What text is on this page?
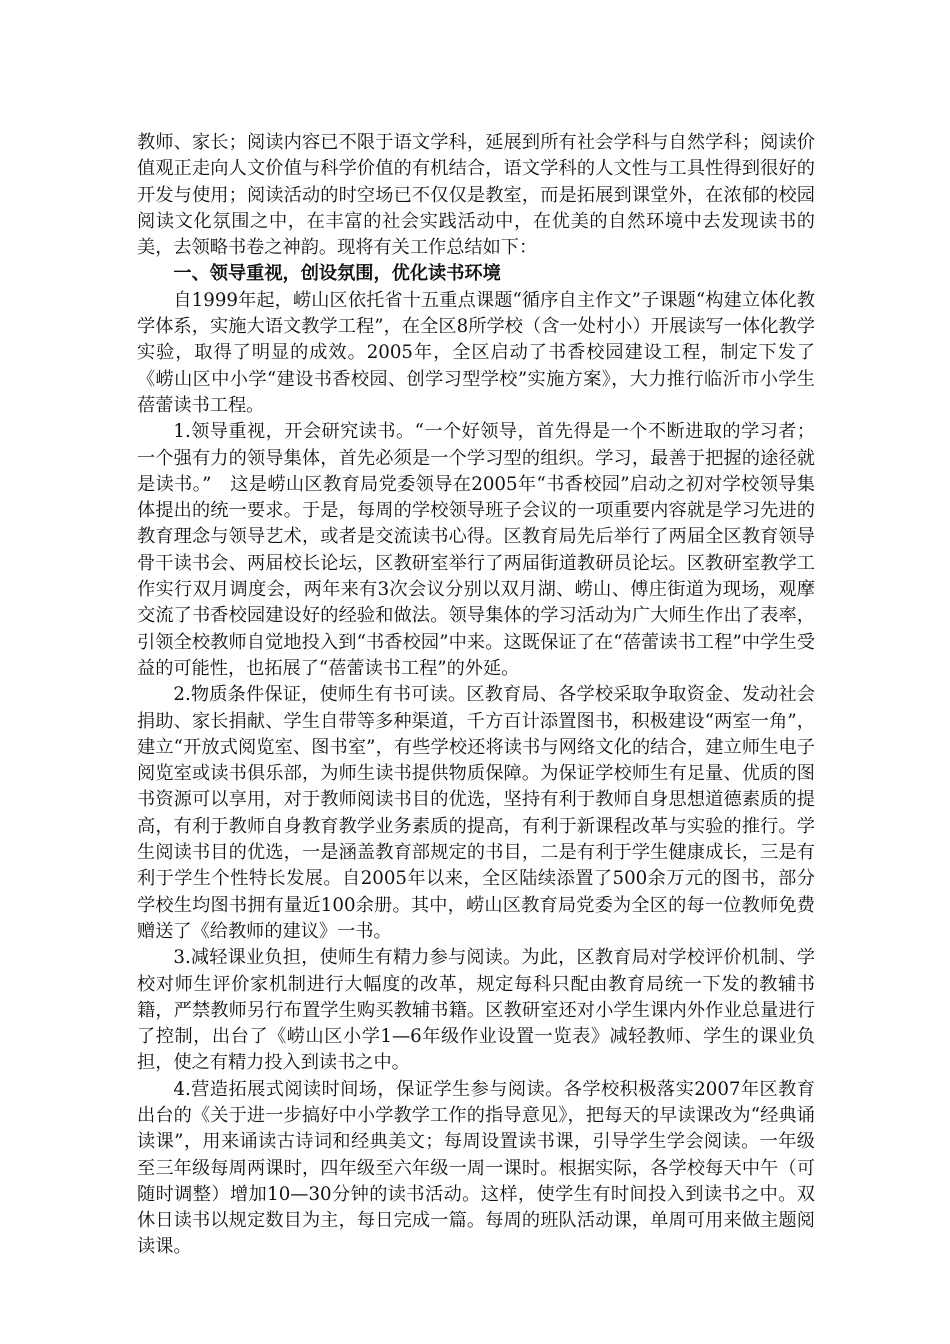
教师、家长；阅读内容已不限于语文学科，延展到所有社会学科与自然学科；阅读价值观正走向人文价值与科学价值的有机结合，语文学科的人文性与工具性得到很好的开发与使用；阅读活动的时空场已不仅仅是教室，而是拓展到课堂外，在浓郁的校园阅读文化氛围之中，在丰富的社会实践活动中，在优美的自然环境中去发现读书的美，去领略书卷之神韵。现将有关工作总结如下：

一、领导重视，创设氛围，优化读书环境

自1999年起，崂山区依托省十五重点课题“循序自主作文”子课题“构建立体化教学体系，实施大语文教学工程”，在全区8所学校（含一处村小）开展读写一体化教学实验，取得了明显的成效。2005年，全区启动了书香校园建设工程，制定下发了《崂山区中小学“建设书香校园、创学习型学校”实施方案》，大力推行临沂市小学生蓓蕾读书工程。

1.领导重视，开会研究读书。“一个好领导，首先得是一个不断进取的学习者；一个强有力的领导集体，首先必须是一个学习型的组织。学习，最善于把握的途径就是读书。”　这是崂山区教育局党委领导在2005年“书香校园”启动之初对学校领导集体提出的统一要求。于是，每周的学校领导班子会议的一项重要内容就是学习先进的教育理念与领导艺术，或者是交流读书心得。区教育局先后举行了两届全区教育领导骨干读书会、两届校长论坛，区教研室举行了两届街道教研员论坛。区教研室教学工作实行双月调度会，两年来有3次会议分别以双月湖、崂山、傅庄街道为现场，观摩交流了书香校园建设好的经验和做法。领导集体的学习活动为广大师生作出了表率，引领全校教师自觉地投入到“书香校园”中来。这既保证了在“蓓蕾读书工程”中学生受益的可能性，也拓展了“蓓蕾读书工程”的外延。

2.物质条件保证，使师生有书可读。区教育局、各学校采取争取资金、发动社会捐助、家长捐献、学生自带等多种渠道，千方百计添置图书，积极建设“两室一角”，建立“开放式阅览室、图书室”，有些学校还将读书与网络文化的结合，建立师生电子阅览室或读书俱乐部，为师生读书提供物质保障。为保证学校师生有足量、优质的图书资源可以享用，对于教师阅读书目的优选，坚持有利于教师自身思想道德素质的提高，有利于教师自身教育教学业务素质的提高，有利于新课程改革与实验的推行。学生阅读书目的优选，一是涵盖教育部规定的书目，二是有利于学生健康成长，三是有利于学生个性特长发展。自2005年以来，全区陆续添置了500余万元的图书，部分学校生均图书拥有量近100余册。其中，崂山区教育局党委为全区的每一位教师免费赠送了《给教师的建议》一书。

3.减轻课业负担，使师生有精力参与阅读。为此，区教育局对学校评价机制、学校对师生评价家机制进行大幅度的改革，规定每科只配由教育局统一下发的教辅书籍，严禁教师另行布置学生购买教辅书籍。区教研室还对小学生课内外作业总量进行了控制，出台了《崂山区小学1—6年级作业设置一览表》减轻教师、学生的课业负担，使之有精力投入到读书之中。

4.营造拓展式阅读时间场，保证学生参与阅读。各学校积极落实2007年区教育出台的《关于进一步搞好中小学教学工作的指导意见》，把每天的早读课改为“经典诵读课”，用来诵读古诗词和经典美文；每周设置读书课，引导学生学会阅读。一年级至三年级每周两课时，四年级至六年级一周一课时。根据实际，各学校每天中午（可随时调整）增加10—30分钟的读书活动。这样，使学生有时间投入到读书之中。双休日读书以规定数目为主，每日完成一篇。每周的班队活动课，单周可用来做主题阅读课。
